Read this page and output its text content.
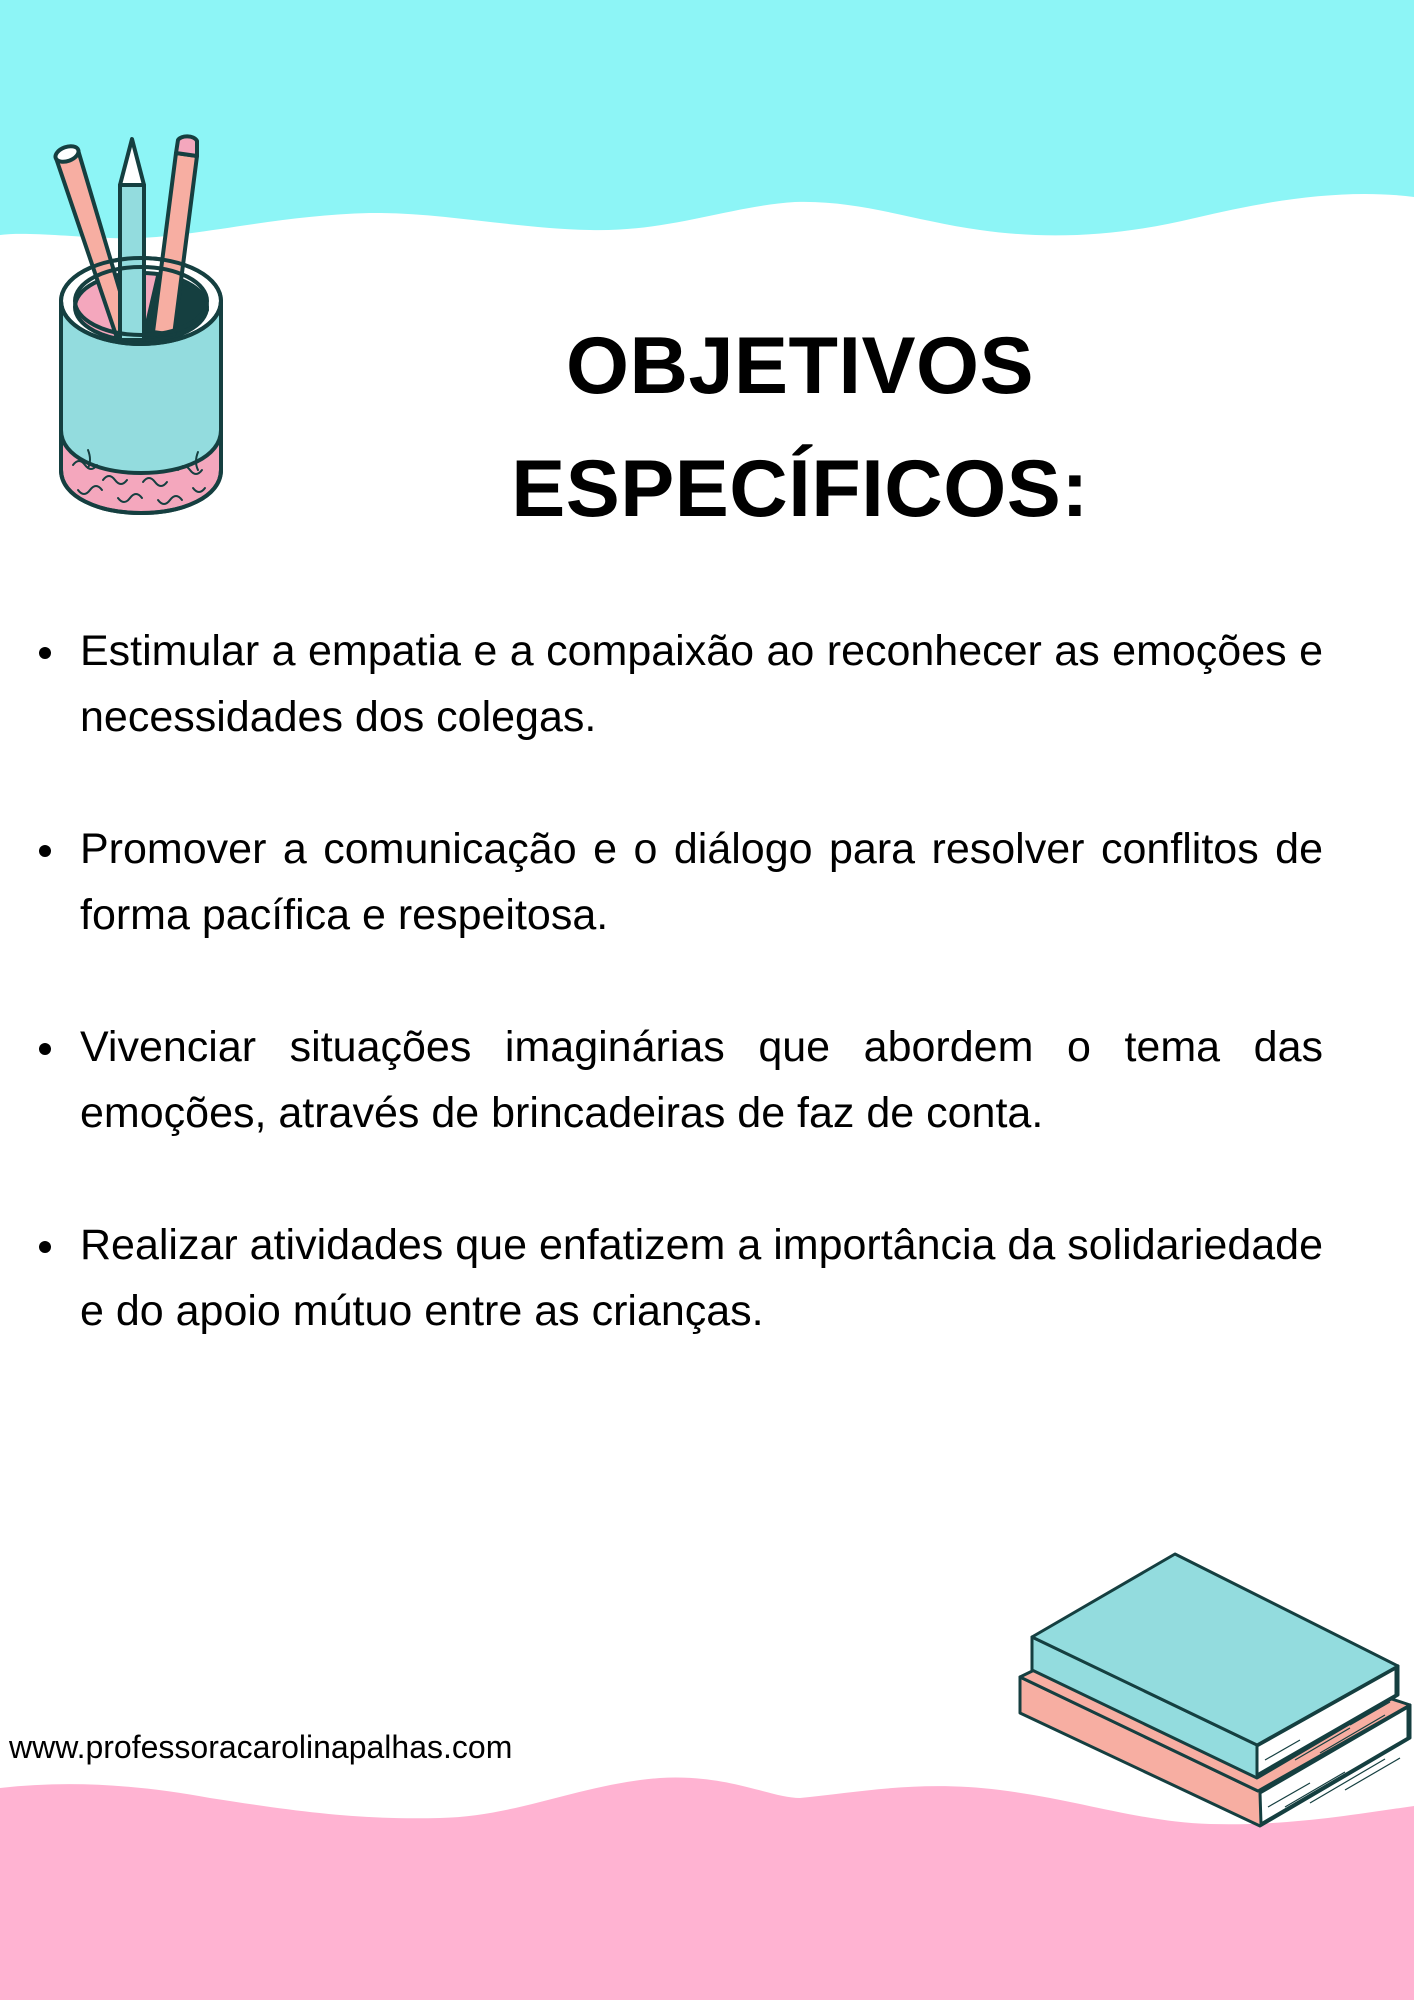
OBJETIVOS
ESPECÍFICOS:
Estimular a empatia e a compaixão ao reconhecer as emoções e necessidades dos colegas.
Promover a comunicação e o diálogo para resolver conflitos de forma pacífica e respeitosa.
Vivenciar situações imaginárias que abordem o tema das emoções, através de brincadeiras de faz de conta.
Realizar atividades que enfatizem a importância da solidariedade e do apoio mútuo entre as crianças.

www.professoracarolinapalhas.com
